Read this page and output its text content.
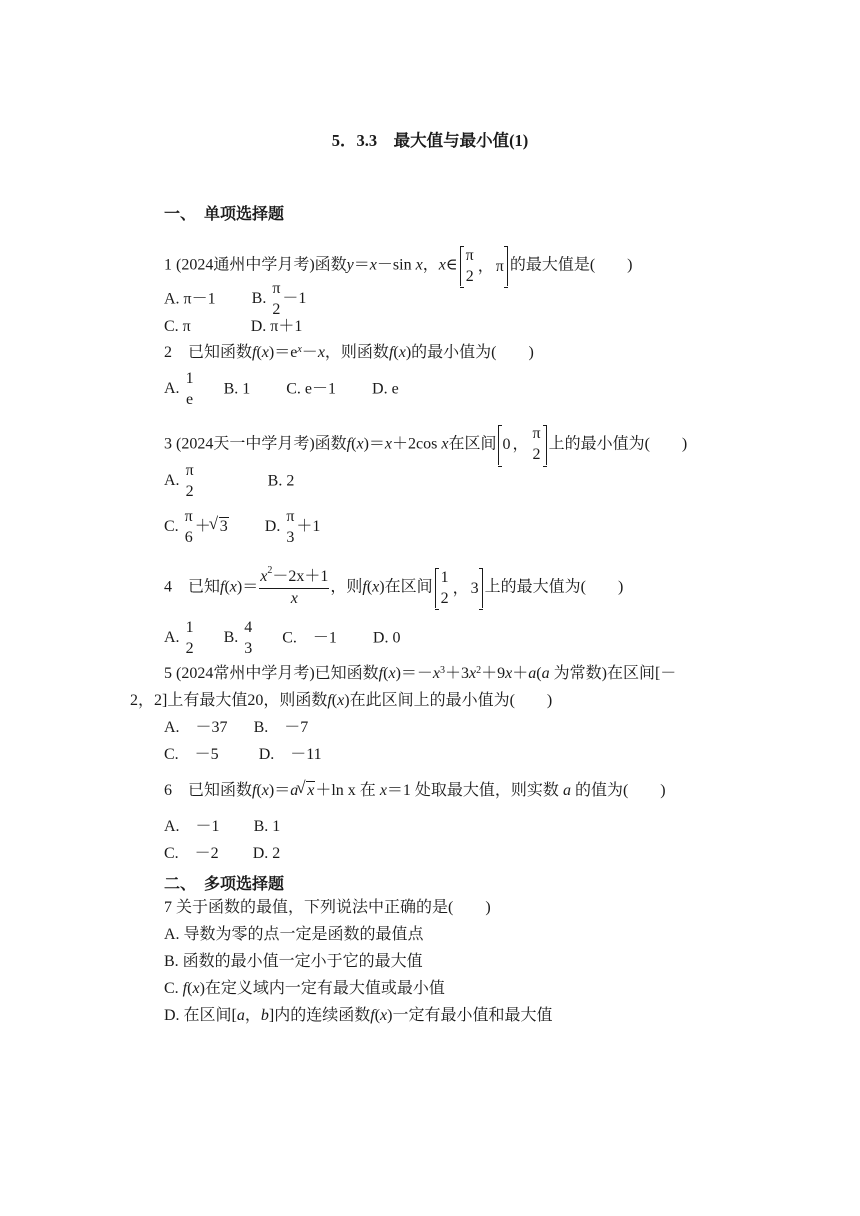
5．3.3　最大值与最小值(1)
一、　单项选择题
1 (2024通州中学月考)函数y＝x－sin x，x∈
π
2
， π 的最大值是(　　)
A. π－1 B.
π
2
－1
C. π	D. π＋1
2　已知函数$f(x)=e^x-x$，则函数f(x)的最小值为(　　)
A.
1
e
B. 1 C. e－1 D. e
3 (2024天一中学月考)函数f(x)＝x＋2cos x在区间 0 ，
π
2
上的最小值为(　　)
A.
π
2
B. 2
C.
π
6
＋ √ 3 D.
π
3
＋1
4　已知$f(x)= \frac{x^2-2x+1}{x}$ ，则f(x)在区间
1
2
， 3 上的最大值为(　　)
A.
1
2
B.
4
3
C.　－1 D. 0
5 (2024常州中学月考)已知函数$f(x)=-x^3+3x^2+9x+a(a$ 为常数)在区间[－
2，2]上有最大值20，则函数f(x)在此区间上的最小值为(　　)
A.　－37 B.　－7
C.　－5	D.　－11
6　已知函数f(x)＝a √ x＋ln x 在 x＝1 处取最大值，则实数 a 的值为(　　)
A.　－1 B. 1
C.　－2 D. 2
二、　多项选择题
7 关于函数的最值，下列说法中正确的是(　　)
A. 导数为零的点一定是函数的最值点
B. 函数的最小值一定小于它的最大值
C. f(x)在定义域内一定有最大值或最小值
D. 在区间[a，b]内的连续函数f(x)一定有最小值和最大值
